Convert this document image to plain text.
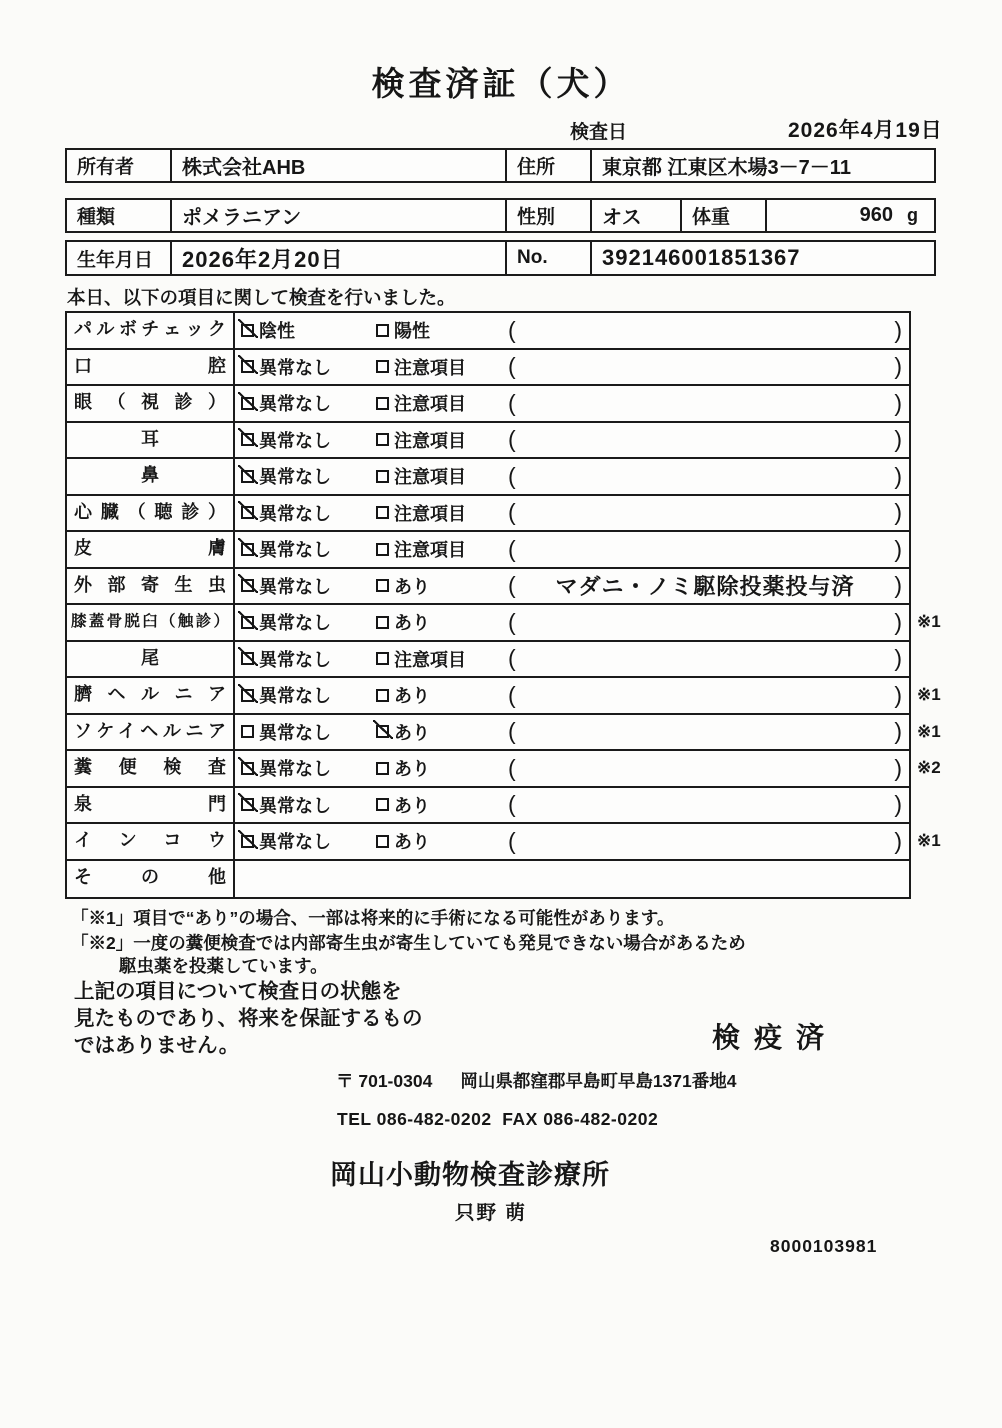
検査済証（犬）
検査日	2026年4月19日
所有者	株式会社AHB	住所	東京都 江東区木場3－7－11
種類	ポメラニアン	性別	オス	体重	960 g
生年月日	2026年2月20日	No.	392146001851367
本日、以下の項目に関して検査を行いました。
パルボチェック	陰性	陽性	(	)
口腔	異常なし	注意項目 (	)
眼（視診）	異常なし	注意項目 (	)
耳	異常なし	注意項目 (	)
鼻	異常なし	注意項目 (	)
心臓（聴診）	異常なし	注意項目 (	)
皮膚	異常なし	注意項目 (	)
外部寄生虫	異常なし	あり	( マダニ・ノミ駆除投薬投与済 )
膝蓋骨脱臼（触診）	異常なし	あり	(	) ※1
尾	異常なし	注意項目 (	)
臍ヘルニア	異常なし	あり	(	) ※1
ソケイヘルニア	異常なし	あり	(	) ※1
糞便検査	異常なし	あり	(	) ※2
泉門	異常なし	あり	(	)
インコウ	異常なし	あり	(	) ※1
その他
「※1」項目で“あり”の場合、一部は将来的に手術になる可能性があります。
「※2」一度の糞便検査では内部寄生虫が寄生していても発見できない場合があるため
駆虫薬を投薬しています。
上記の項目について検査日の状態を
見たものであり、将来を保証するもの
ではありません。	検疫済
〒 701-0304 岡山県都窪郡早島町早島1371番地4
TEL 086-482-0202  FAX 086-482-0202
岡山小動物検査診療所
只野 萌
8000103981
